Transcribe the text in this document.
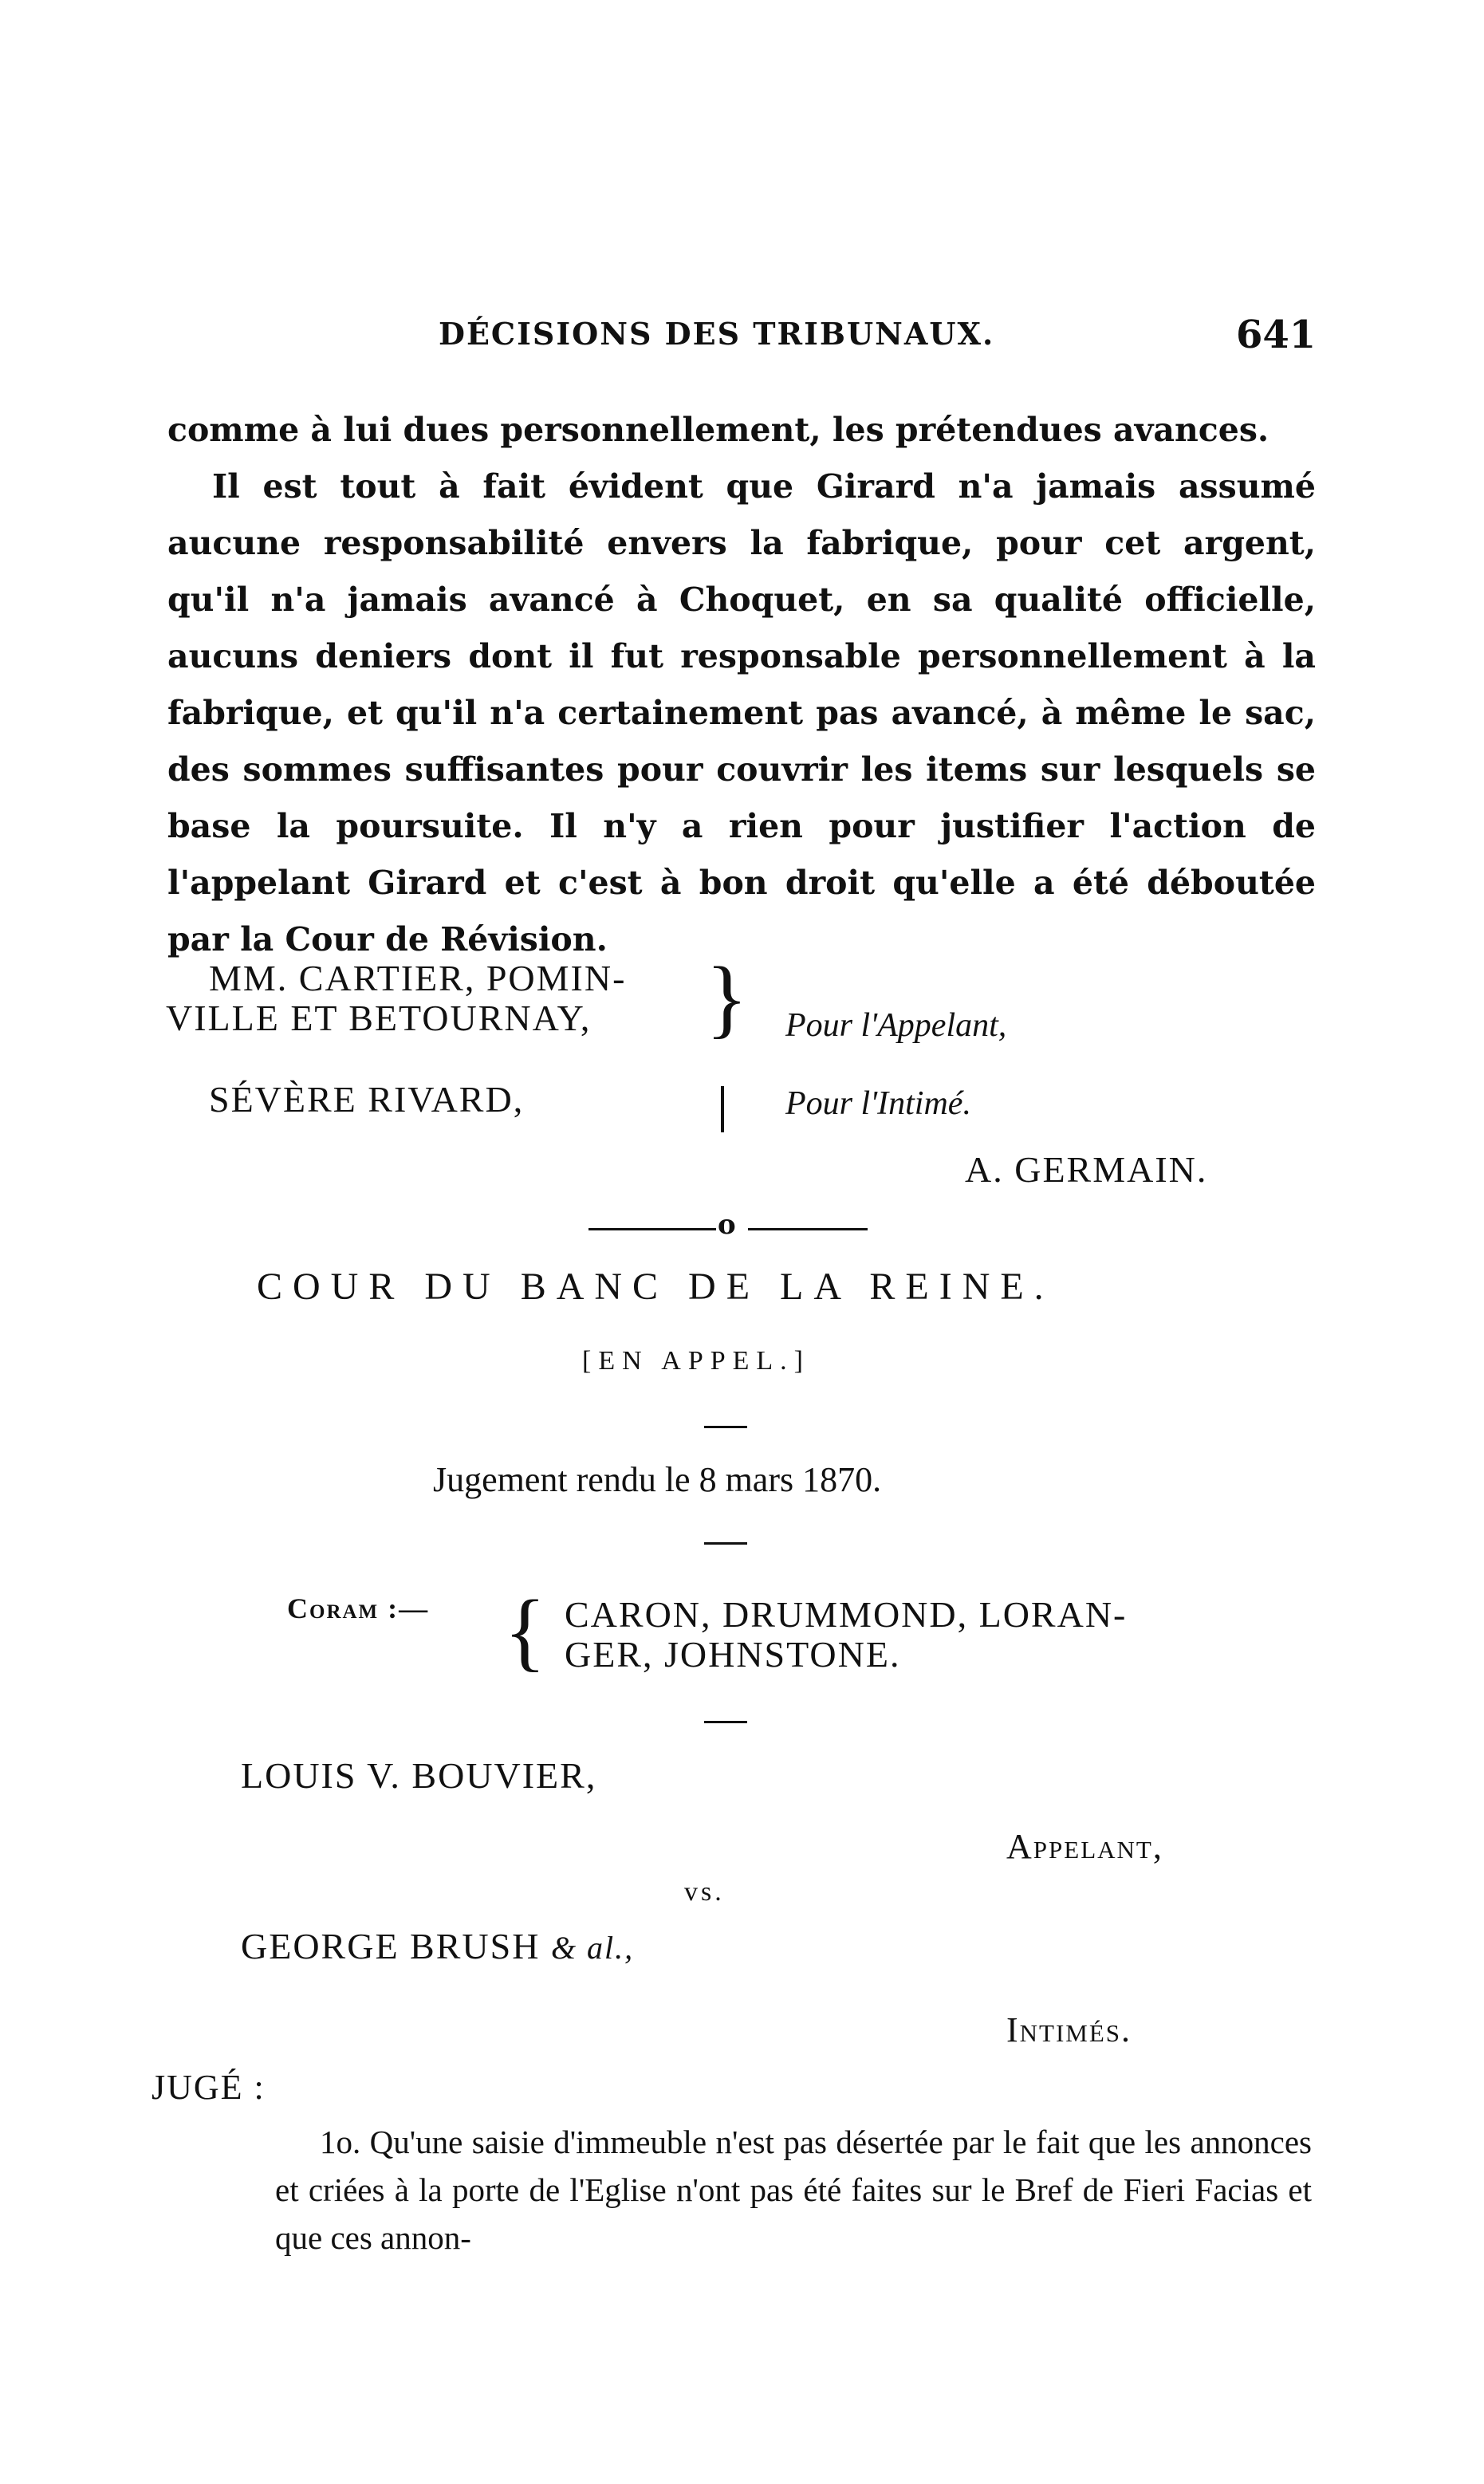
DÉCISIONS DES TRIBUNAUX.	641
comme à lui dues personnellement, les prétendues avances.
Il est tout à fait évident que Girard n'a jamais assumé aucune responsabilité envers la fabrique, pour cet argent, qu'il n'a jamais avancé à Choquet, en sa qualité officielle, aucuns deniers dont il fut responsable personnellement à la fabrique, et qu'il n'a certainement pas avancé, à même le sac, des sommes suffisantes pour couvrir les items sur lesquels se base la poursuite. Il n'y a rien pour justifier l'action de l'appelant Girard et c'est à bon droit qu'elle a été déboutée par la Cour de Révision.
MM. CARTIER, POMIN-
VILLE ET BETOURNAY, } Pour l'Appelant,
SÉVÈRE RIVARD,	Pour l'Intimé.
A. GERMAIN.
o
COUR DU BANC DE LA REINE.
[EN APPEL.]
Jugement rendu le 8 mars 1870.
Coram :— { CARON, DRUMMOND, LORAN-
GER, JOHNSTONE.
LOUIS V. BOUVIER,
Appelant,
vs.
GEORGE BRUSH & al.,
Intimés.
JUGÉ :
1o. Qu'une saisie d'immeuble n'est pas désertée par le fait que les annonces et criées à la porte de l'Eglise n'ont pas été faites sur le Bref de Fieri Facias et que ces annon-
